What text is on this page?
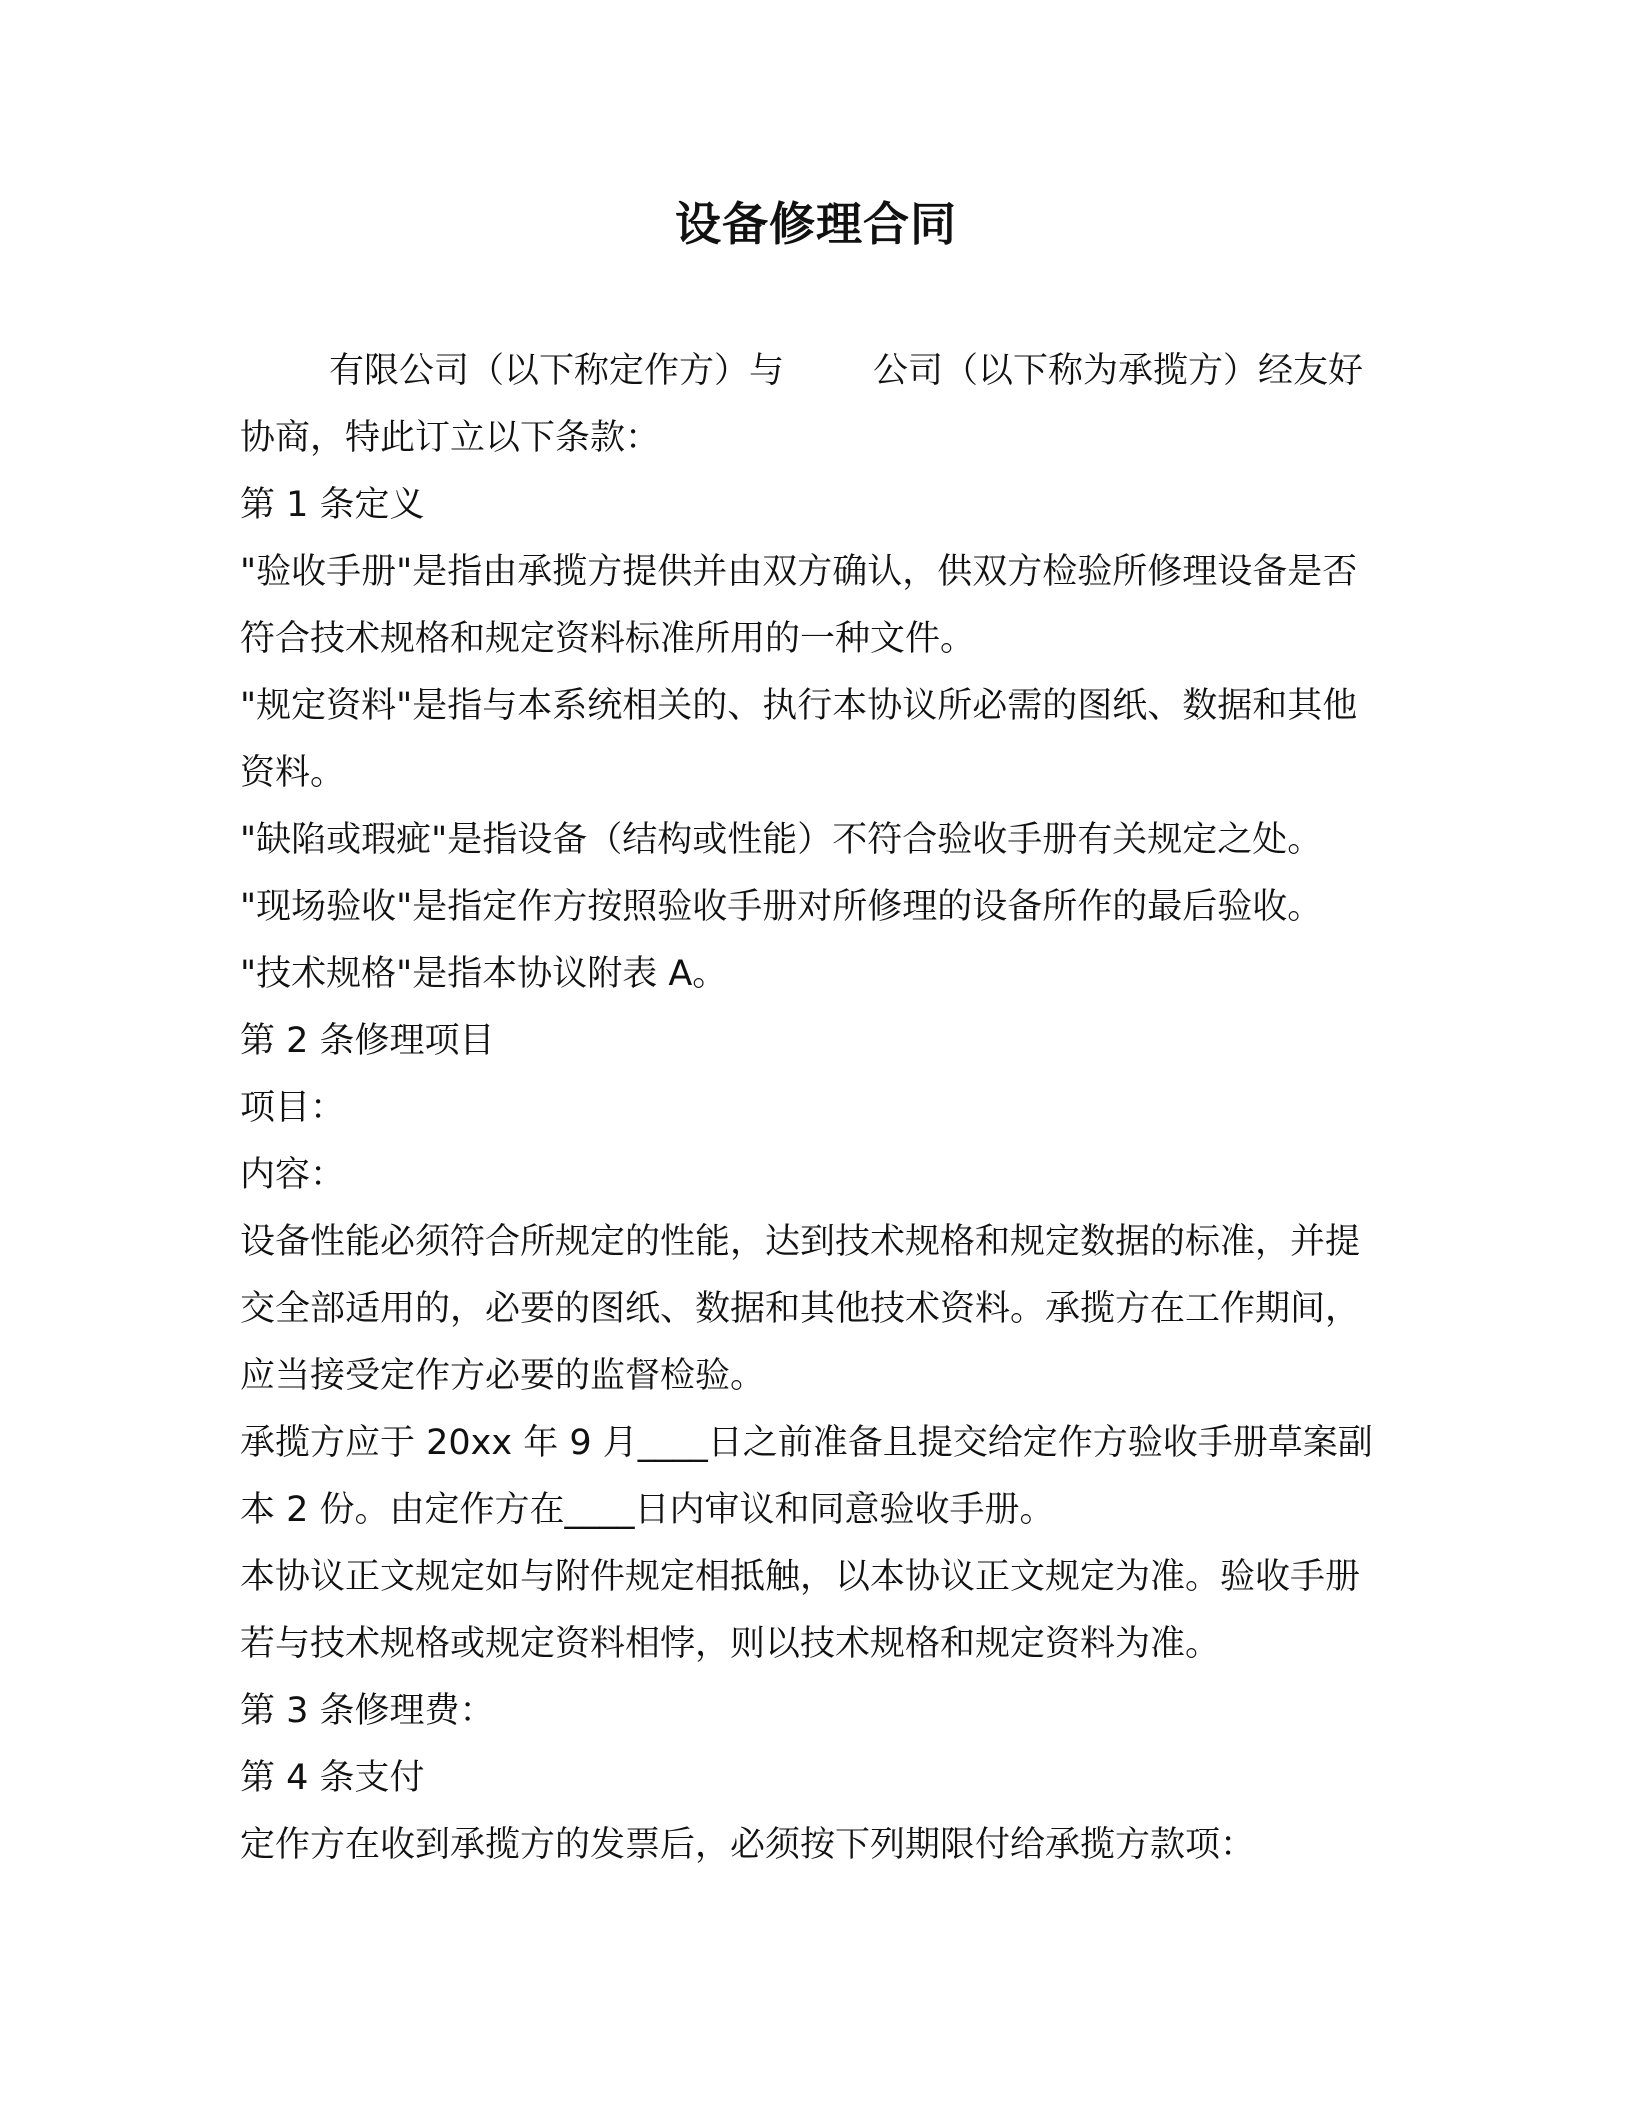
设备修理合同

有限公司（以下称定作方）与        公司（以下称为承揽方）经友好协商，特此订立以下条款：

第 1 条定义

"验收手册"是指由承揽方提供并由双方确认，供双方检验所修理设备是否符合技术规格和规定资料标准所用的一种文件。

"规定资料"是指与本系统相关的、执行本协议所必需的图纸、数据和其他资料。

"缺陷或瑕疵"是指设备（结构或性能）不符合验收手册有关规定之处。

"现场验收"是指定作方按照验收手册对所修理的设备所作的最后验收。

"技术规格"是指本协议附表 A。

第 2 条修理项目

项目：

内容：

设备性能必须符合所规定的性能，达到技术规格和规定数据的标准，并提交全部适用的，必要的图纸、数据和其他技术资料。承揽方在工作期间，应当接受定作方必要的监督检验。

承揽方应于 20xx 年 9 月____日之前准备且提交给定作方验收手册草案副本 2 份。由定作方在____日内审议和同意验收手册。

本协议正文规定如与附件规定相抵触，以本协议正文规定为准。验收手册若与技术规格或规定资料相悖，则以技术规格和规定资料为准。

第 3 条修理费：

第 4 条支付

定作方在收到承揽方的发票后，必须按下列期限付给承揽方款项：
